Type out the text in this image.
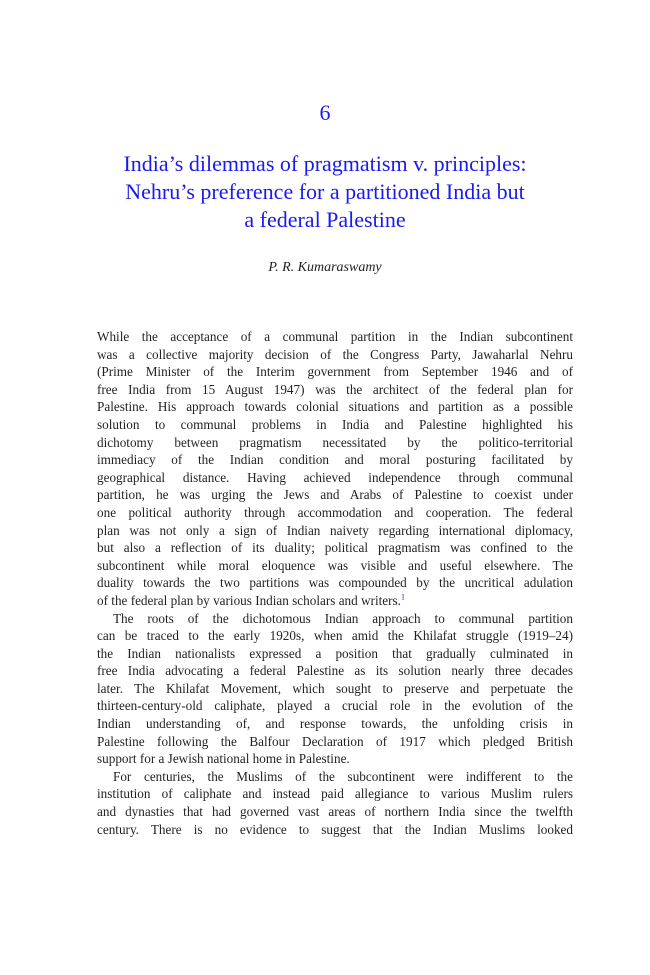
6
India’s dilemmas of pragmatism v. principles:
Nehru’s preference for a partitioned India but
a federal Palestine
P. R. Kumaraswamy
While the acceptance of a communal partition in the Indian subcontinent
was a collective majority decision of the Congress Party, Jawaharlal Nehru
(Prime Minister of the Interim government from September 1946 and of
free India from 15 August 1947) was the architect of the federal plan for
Palestine. His approach towards colonial situations and partition as a possible
solution to communal problems in India and Palestine highlighted his
dichotomy between pragmatism necessitated by the politico-territorial
immediacy of the Indian condition and moral posturing facilitated by
geographical distance. Having achieved independence through communal
partition, he was urging the Jews and Arabs of Palestine to coexist under
one political authority through accommodation and cooperation. The federal
plan was not only a sign of Indian naivety regarding international diplomacy,
but also a reflection of its duality; political pragmatism was confined to the
subcontinent while moral eloquence was visible and useful elsewhere. The
duality towards the two partitions was compounded by the uncritical adulation
of the federal plan by various Indian scholars and writers.$^1$
The roots of the dichotomous Indian approach to communal partition
can be traced to the early 1920s, when amid the Khilafat struggle (1919–24)
the Indian nationalists expressed a position that gradually culminated in
free India advocating a federal Palestine as its solution nearly three decades
later. The Khilafat Movement, which sought to preserve and perpetuate the
thirteen-century-old caliphate, played a crucial role in the evolution of the
Indian understanding of, and response towards, the unfolding crisis in
Palestine following the Balfour Declaration of 1917 which pledged British
support for a Jewish national home in Palestine.
For centuries, the Muslims of the subcontinent were indifferent to the
institution of caliphate and instead paid allegiance to various Muslim rulers
and dynasties that had governed vast areas of northern India since the twelfth
century. There is no evidence to suggest that the Indian Muslims looked
